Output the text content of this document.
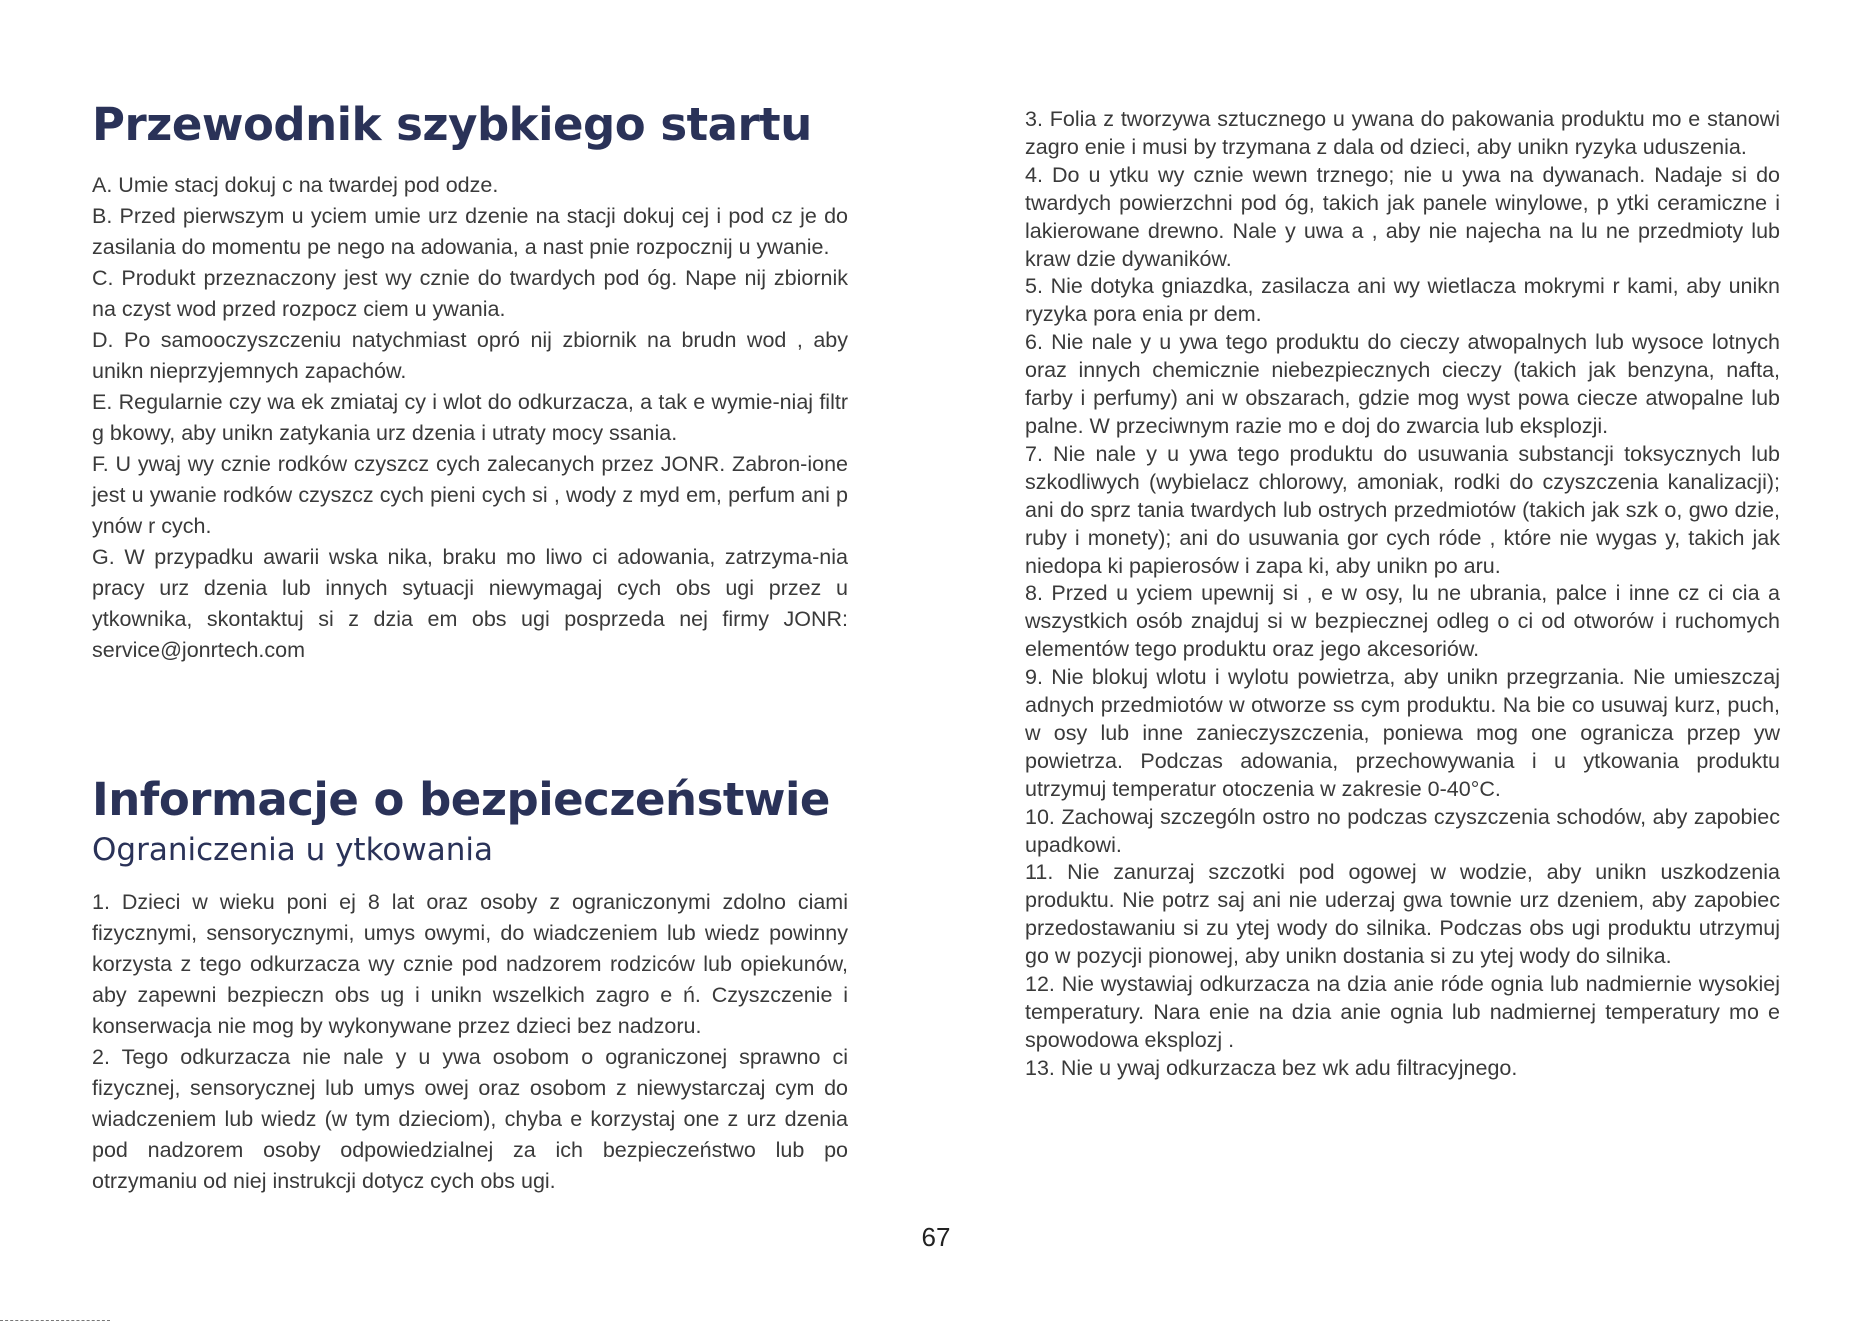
Przewodnik szybkiego startu

A. Umie stacj dokuj c na twardej pod odze.
B. Przed pierwszym u yciem umie urz dzenie na stacji dokuj cej i pod cz je do zasilania do momentu pe nego na adowania, a nast pnie rozpocznij u ywanie.
C. Produkt przeznaczony jest wy cznie do twardych pod óg. Nape nij zbiornik na czyst wod przed rozpocz ciem u ywania.
D. Po samooczyszczeniu natychmiast opró nij zbiornik na brudn wod , aby unikn nieprzyjemnych zapachów.
E. Regularnie czy wa ek zmiataj cy i wlot do odkurzacza, a tak e wymie-niaj filtr g bkowy, aby unikn zatykania urz dzenia i utraty mocy ssania.
F. U ywaj wy cznie rodków czyszcz cych zalecanych przez JONR. Zabron-ione jest u ywanie rodków czyszcz cych pieni cych si , wody z myd em, perfum ani p ynów r cych.
G. W przypadku awarii wska nika, braku mo liwo ci adowania, zatrzyma-nia pracy urz dzenia lub innych sytuacji niewymagaj cych obs ugi przez u ytkownika, skontaktuj si z dzia em obs ugi posprzeda nej firmy JONR: service@jonrtech.com

Informacje o bezpieczeństwie
Ograniczenia u ytkowania

1. Dzieci w wieku poni ej 8 lat oraz osoby z ograniczonymi zdolno ciami fizycznymi, sensorycznymi, umys owymi, do wiadczeniem lub wiedz powinny korzysta z tego odkurzacza wy cznie pod nadzorem rodziców lub opiekunów, aby zapewni bezpieczn obs ug i unikn wszelkich zagro e ń. Czyszczenie i konserwacja nie mog by wykonywane przez dzieci bez nadzoru.
2. Tego odkurzacza nie nale y u ywa osobom o ograniczonej sprawno ci fizycznej, sensorycznej lub umys owej oraz osobom z niewystarczaj cym do wiadczeniem lub wiedz (w tym dzieciom), chyba e korzystaj one z urz dzenia pod nadzorem osoby odpowiedzialnej za ich bezpieczeństwo lub po otrzymaniu od niej instrukcji dotycz cych obs ugi.

3. Folia z tworzywa sztucznego u ywana do pakowania produktu mo e stanowi zagro enie i musi by trzymana z dala od dzieci, aby unikn ryzyka uduszenia.
4. Do u ytku wy cznie wewn trznego; nie u ywa na dywanach. Nadaje si do twardych powierzchni pod óg, takich jak panele winylowe, p ytki ceramiczne i lakierowane drewno. Nale y uwa a , aby nie najecha na lu ne przedmioty lub kraw dzie dywaników.
5. Nie dotyka gniazdka, zasilacza ani wy wietlacza mokrymi r kami, aby unikn ryzyka pora enia pr dem.
6. Nie nale y u ywa tego produktu do cieczy atwopalnych lub wysoce lotnych oraz innych chemicznie niebezpiecznych cieczy (takich jak benzyna, nafta, farby i perfumy) ani w obszarach, gdzie mog wyst powa ciecze atwopalne lub palne. W przeciwnym razie mo e doj do zwarcia lub eksplozji.
7. Nie nale y u ywa tego produktu do usuwania substancji toksycznych lub szkodliwych (wybielacz chlorowy, amoniak, rodki do czyszczenia kanalizacji); ani do sprz tania twardych lub ostrych przedmiotów (takich jak szk o, gwo dzie, ruby i monety); ani do usuwania gor cych róde , które nie wygas y, takich jak niedopa ki papierosów i zapa ki, aby unikn po aru.
8. Przed u yciem upewnij si , e w osy, lu ne ubrania, palce i inne cz ci cia a wszystkich osób znajduj si w bezpiecznej odleg o ci od otworów i ruchomych elementów tego produktu oraz jego akcesoriów.
9. Nie blokuj wlotu i wylotu powietrza, aby unikn przegrzania. Nie umieszczaj adnych przedmiotów w otworze ss cym produktu. Na bie co usuwaj kurz, puch, w osy lub inne zanieczyszczenia, poniewa mog one ogranicza przep yw powietrza. Podczas adowania, przechowywania i u ytkowania produktu utrzymuj temperatur otoczenia w zakresie 0-40°C.
10. Zachowaj szczególn ostro no podczas czyszczenia schodów, aby zapobiec upadkowi.
11. Nie zanurzaj szczotki pod ogowej w wodzie, aby unikn uszkodzenia produktu. Nie potrz saj ani nie uderzaj gwa townie urz dzeniem, aby zapobiec przedostawaniu si zu ytej wody do silnika. Podczas obs ugi produktu utrzymuj go w pozycji pionowej, aby unikn dostania si zu ytej wody do silnika.
12. Nie wystawiaj odkurzacza na dzia anie róde ognia lub nadmiernie wysokiej temperatury. Nara enie na dzia anie ognia lub nadmiernej temperatury mo e spowodowa eksplozj .
13. Nie u ywaj odkurzacza bez wk adu filtracyjnego.

67
